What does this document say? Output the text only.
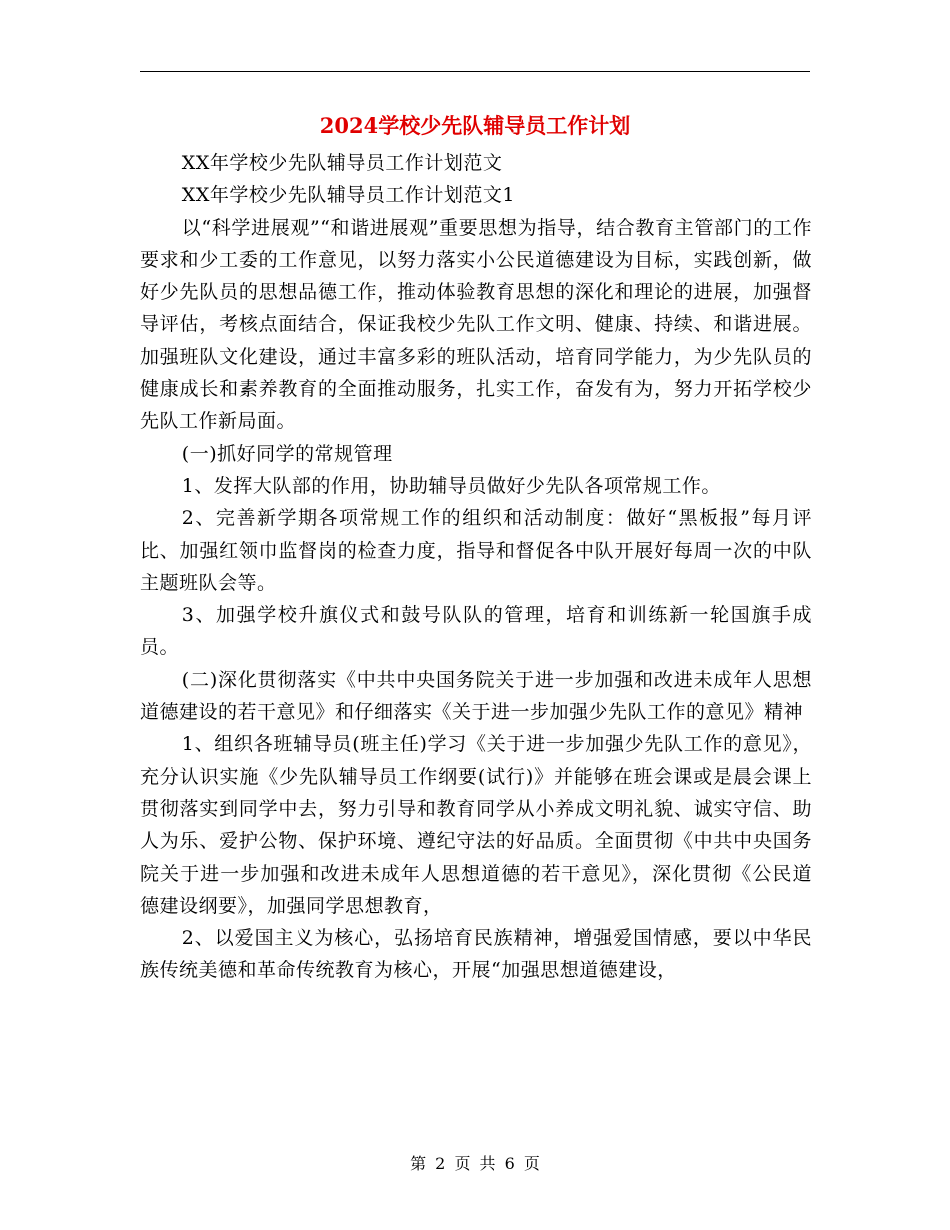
2024学校少先队辅导员工作计划

XX年学校少先队辅导员工作计划范文

XX年学校少先队辅导员工作计划范文1

以“科学进展观”“和谐进展观”重要思想为指导，结合教育主管部门的工作要求和少工委的工作意见，以努力落实小公民道德建设为目标，实践创新，做好少先队员的思想品德工作，推动体验教育思想的深化和理论的进展，加强督导评估，考核点面结合，保证我校少先队工作文明、健康、持续、和谐进展。加强班队文化建设，通过丰富多彩的班队活动，培育同学能力，为少先队员的健康成长和素养教育的全面推动服务，扎实工作，奋发有为，努力开拓学校少先队工作新局面。

(一)抓好同学的常规管理

1、发挥大队部的作用，协助辅导员做好少先队各项常规工作。

2、完善新学期各项常规工作的组织和活动制度：做好“黑板报”每月评比、加强红领巾监督岗的检查力度，指导和督促各中队开展好每周一次的中队主题班队会等。

3、加强学校升旗仪式和鼓号队队的管理，培育和训练新一轮国旗手成员。

(二)深化贯彻落实《中共中央国务院关于进一步加强和改进未成年人思想道德建设的若干意见》和仔细落实《关于进一步加强少先队工作的意见》精神

1、组织各班辅导员(班主任)学习《关于进一步加强少先队工作的意见》，充分认识实施《少先队辅导员工作纲要(试行)》并能够在班会课或是晨会课上贯彻落实到同学中去，努力引导和教育同学从小养成文明礼貌、诚实守信、助人为乐、爱护公物、保护环境、遵纪守法的好品质。全面贯彻《中共中央国务院关于进一步加强和改进未成年人思想道德的若干意见》，深化贯彻《公民道德建设纲要》，加强同学思想教育，

2、以爱国主义为核心，弘扬培育民族精神，增强爱国情感，要以中华民族传统美德和革命传统教育为核心，开展“加强思想道德建设，

第 2 页 共 6 页
